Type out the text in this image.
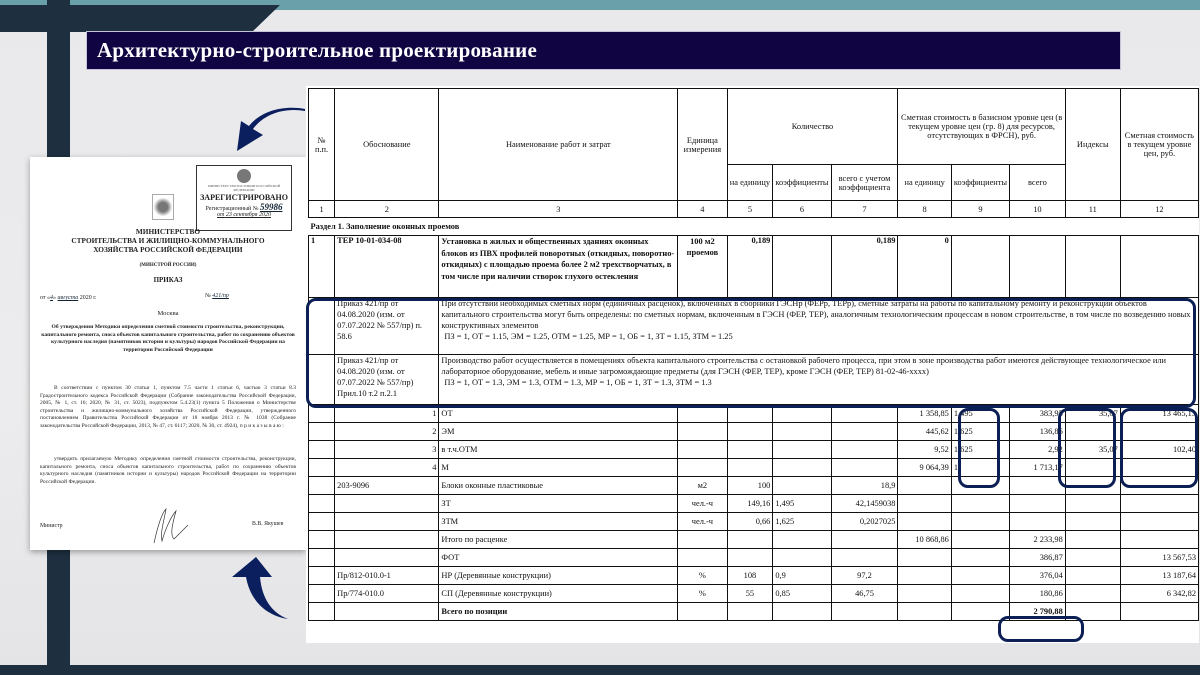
Архитектурно-строительное проектирование
МИНИСТЕРСТВО ЮСТИЦИИ РОССИЙСКОЙ ФЕДЕРАЦИИ
ЗАРЕГИСТРИРОВАНО
Регистрационный № 59986
от 23 сентября 2020
МИНИСТЕРСТВО
СТРОИТЕЛЬСТВА И ЖИЛИЩНО-КОММУНАЛЬНОГО
ХОЗЯЙСТВА РОССИЙСКОЙ ФЕДЕРАЦИИ
(МИНСТРОЙ РОССИИ)
ПРИКАЗ
от «4» августа 2020 г.	№ 421/пр
Москва
Об утверждении Методики определения сметной стоимости строительства, реконструкции, капитального ремонта, сноса объектов капитального строительства, работ по сохранению объектов культурного наследия (памятников истории и культуры) народов Российской Федерации на территории Российской Федерации
В соответствии с пунктом 30 статьи 1, пунктом 7.5 части 1 статьи 6, частью 3 статьи 8.3 Градостроительного кодекса Российской Федерации (Собрание законодательства Российской Федерации, 2005, № 1, ст. 16; 2020, № 31, ст. 5023), подпунктом 5.4.23(1) пункта 5 Положения о Министерстве строительства и жилищно-коммунального хозяйства Российской Федерации, утвержденного постановлением Правительства Российской Федерации от 18 ноября 2013 г. № 1038 (Собрание законодательства Российской Федерации, 2013, № 47, ст. 6117; 2020, № 30, ст. 4924), п р и к а з ы в а ю :
утвердить прилагаемую Методику определения сметной стоимости строительства, реконструкции, капитального ремонта, сноса объектов капитального строительства, работ по сохранению объектов культурного наследия (памятников истории и культуры) народов Российской Федерации на территории Российской Федерации.
Министр	В.В. Якушев
№ п.п.	Обоснование	Наименование работ и затрат	Единица измерения	Количество			Сметная стоимость в базисном уровне цен (в текущем уровне цен (гр. 8) для ресурсов, отсутствующих в ФРСН), руб.			Индексы	Сметная стоимость в текущем уровне цен, руб.
				на единицу	коэффициенты	всего с учетом коэффициента	на единицу	коэффициенты	всего		
1	2	3	4	5	6	7	8	9	10	11	12
Раздел 1. Заполнение оконных проемов											
1	ТЕР 10-01-034-08	Установка в жилых и общественных зданиях оконных блоков из ПВХ профилей поворотных (откидных, поворотно-откидных) с площадью проема более 2 м2 трехстворчатых, в том числе при наличии створок глухого остекления	100 м2 проемов	0,189		0,189	0				
	Приказ 421/пр от 04.08.2020 (изм. от 07.07.2022 № 557/пр) п. 58.6	При отсутствии необходимых сметных норм (единичных расценок), включенных в сборники ГЭСНр (ФЕРр, ТЕРр), сметные затраты на работы по капитальному ремонту и реконструкции объектов капитального строительства могут быть определены: по сметных нормам, включенным в ГЭСН (ФЕР, ТЕР), аналогичным технологическим процессам в новом строительстве, в том числе по возведению новых конструктивных элементов
ПЗ = 1, ОТ = 1.15, ЭМ = 1.25, ОТМ = 1.25, МР = 1, ОБ = 1, ЗТ = 1.15, ЗТМ = 1.25									

	Приказ 421/пр от 04.08.2020 (изм. от 07.07.2022 № 557/пр) Прил.10 т.2 п.2.1	Производство работ осуществляется в помещениях объекта капитального строительства с остановкой рабочего процесса, при этом в зоне производства работ имеются действующее технологическое или лабораторное оборудование, мебель и иные загромождающие предметы (для ГЭСН (ФЕР, ТЕР), кроме ГЭСН (ФЕР, ТЕР) 81-02-46-xxxx)
ПЗ = 1, ОТ = 1.3, ЭМ = 1.3, ОТМ = 1.3, МР = 1, ОБ = 1, ЗТ = 1.3, ЗТМ = 1.3									

	1	ОТ					1 358,85	1,495	383,95	35,07	13 465,13
	2	ЭМ					445,62	1,625	136,86		
	3	в т.ч.ОТМ					9,52	1,625	2,92	35,07	102,40
	4	М					9 064,39	1	1 713,17		
	203-9096	Блоки оконные пластиковые	м2	100		18,9					
		ЗТ	чел.-ч	149,16	1,495	42,1459038					
		ЗТМ	чел.-ч	0,66	1,625	0,2027025					
		Итого по расценке					10 868,86		2 233,98		
		ФОТ							386,87		13 567,53
	Пр/812-010.0-1	НР (Деревянные конструкции)	%	108	0,9	97,2			376,04		13 187,64
	Пр/774-010.0	СП (Деревянные конструкции)	%	55	0,85	46,75			180,86		6 342,82
		Всего по позиции							2 790,88		
